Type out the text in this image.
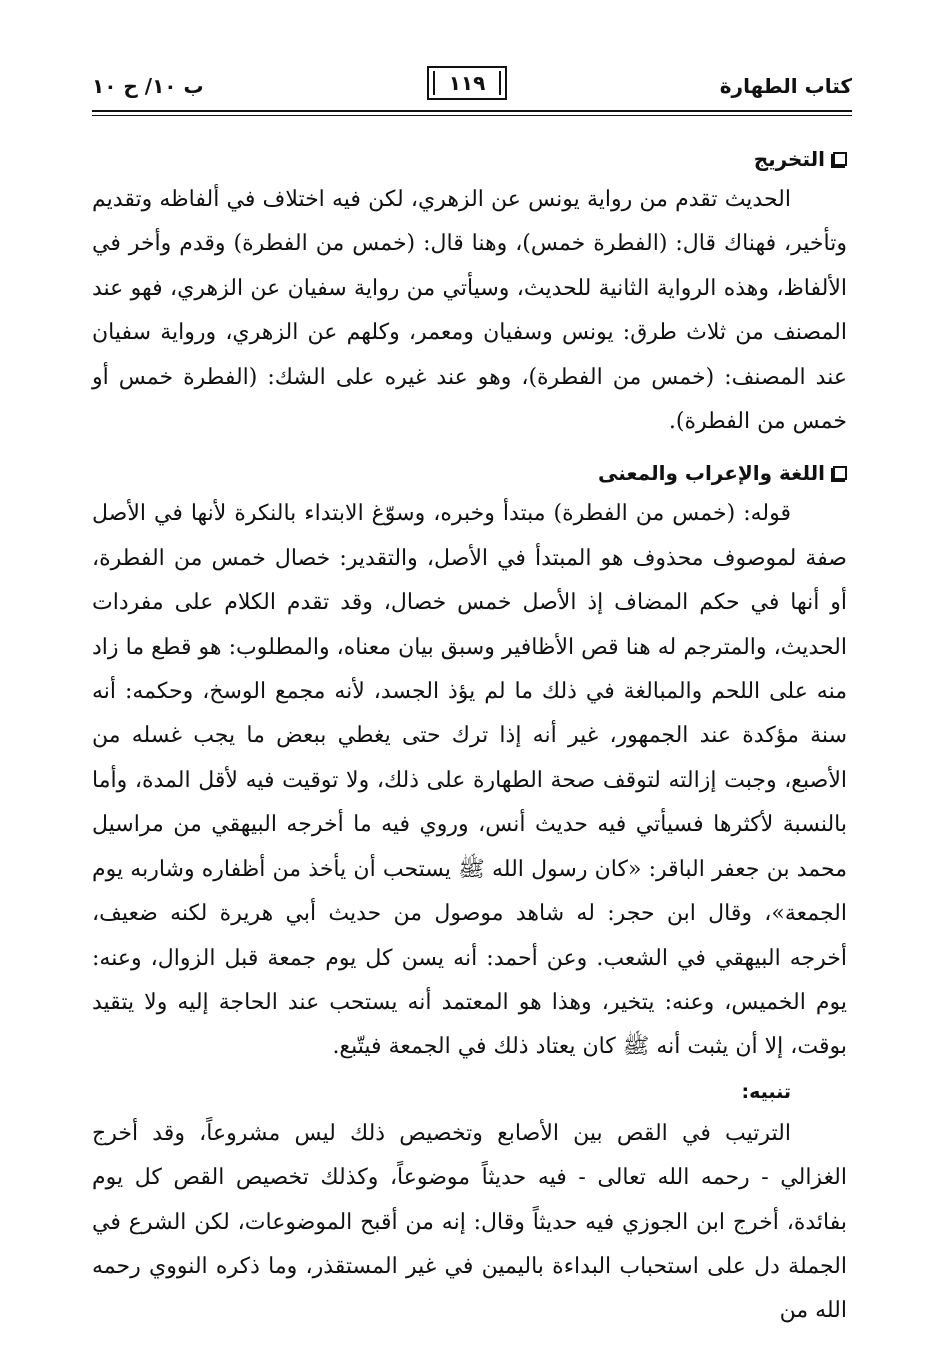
كتاب الطهارة
١١٩
ب ١٠/ ح ١٠
التخريج

الحديث تقدم من رواية يونس عن الزهري، لكن فيه اختلاف في ألفاظه وتقديم وتأخير، فهناك قال: (الفطرة خمس)، وهنا قال: (خمس من الفطرة) وقدم وأخر في الألفاظ، وهذه الرواية الثانية للحديث، وسيأتي من رواية سفيان عن الزهري، فهو عند المصنف من ثلاث طرق: يونس وسفيان ومعمر، وكلهم عن الزهري، ورواية سفيان عند المصنف: (خمس من الفطرة)، وهو عند غيره على الشك: (الفطرة خمس أو خمس من الفطرة).

اللغة والإعراب والمعنى

قوله: (خمس من الفطرة) مبتدأ وخبره، وسوّغ الابتداء بالنكرة لأنها في الأصل صفة لموصوف محذوف هو المبتدأ في الأصل، والتقدير: خصال خمس من الفطرة، أو أنها في حكم المضاف إذ الأصل خمس خصال، وقد تقدم الكلام على مفردات الحديث، والمترجم له هنا قص الأظافير وسبق بيان معناه، والمطلوب: هو قطع ما زاد منه على اللحم والمبالغة في ذلك ما لم يؤذ الجسد، لأنه مجمع الوسخ، وحكمه: أنه سنة مؤكدة عند الجمهور، غير أنه إذا ترك حتى يغطي ببعض ما يجب غسله من الأصبع، وجبت إزالته لتوقف صحة الطهارة على ذلك، ولا توقيت فيه لأقل المدة، وأما بالنسبة لأكثرها فسيأتي فيه حديث أنس، وروي فيه ما أخرجه البيهقي من مراسيل محمد بن جعفر الباقر: «كان رسول الله ﷺ يستحب أن يأخذ من أظفاره وشاربه يوم الجمعة»، وقال ابن حجر: له شاهد موصول من حديث أبي هريرة لكنه ضعيف، أخرجه البيهقي في الشعب. وعن أحمد: أنه يسن كل يوم جمعة قبل الزوال، وعنه: يوم الخميس، وعنه: يتخير، وهذا هو المعتمد أنه يستحب عند الحاجة إليه ولا يتقيد بوقت، إلا أن يثبت أنه ﷺ كان يعتاد ذلك في الجمعة فيتّبع.

تنبيه:

الترتيب في القص بين الأصابع وتخصيص ذلك ليس مشروعاً، وقد أخرج الغزالي - رحمه الله تعالى - فيه حديثاً موضوعاً، وكذلك تخصيص القص كل يوم بفائدة، أخرج ابن الجوزي فيه حديثاً وقال: إنه من أقبح الموضوعات، لكن الشرع في الجملة دل على استحباب البداءة باليمين في غير المستقذر، وما ذكره النووي رحمه الله من
